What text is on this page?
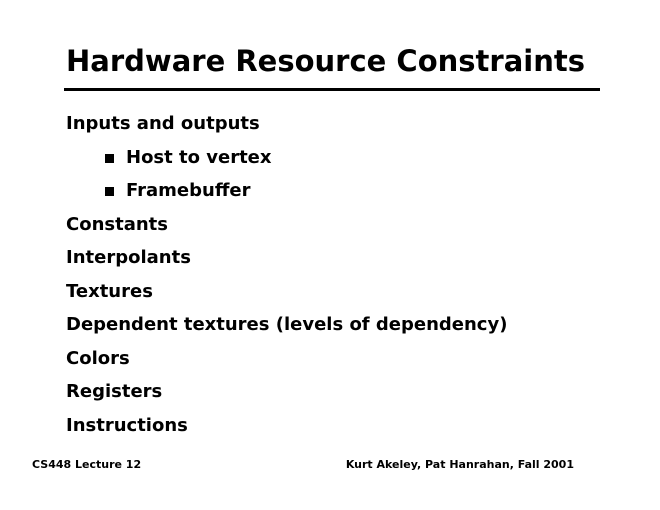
Hardware Resource Constraints
Inputs and outputs
Host to vertex
Framebuffer
Constants
Interpolants
Textures
Dependent textures (levels of dependency)
Colors
Registers
Instructions
CS448 Lecture 12	Kurt Akeley, Pat Hanrahan, Fall 2001
